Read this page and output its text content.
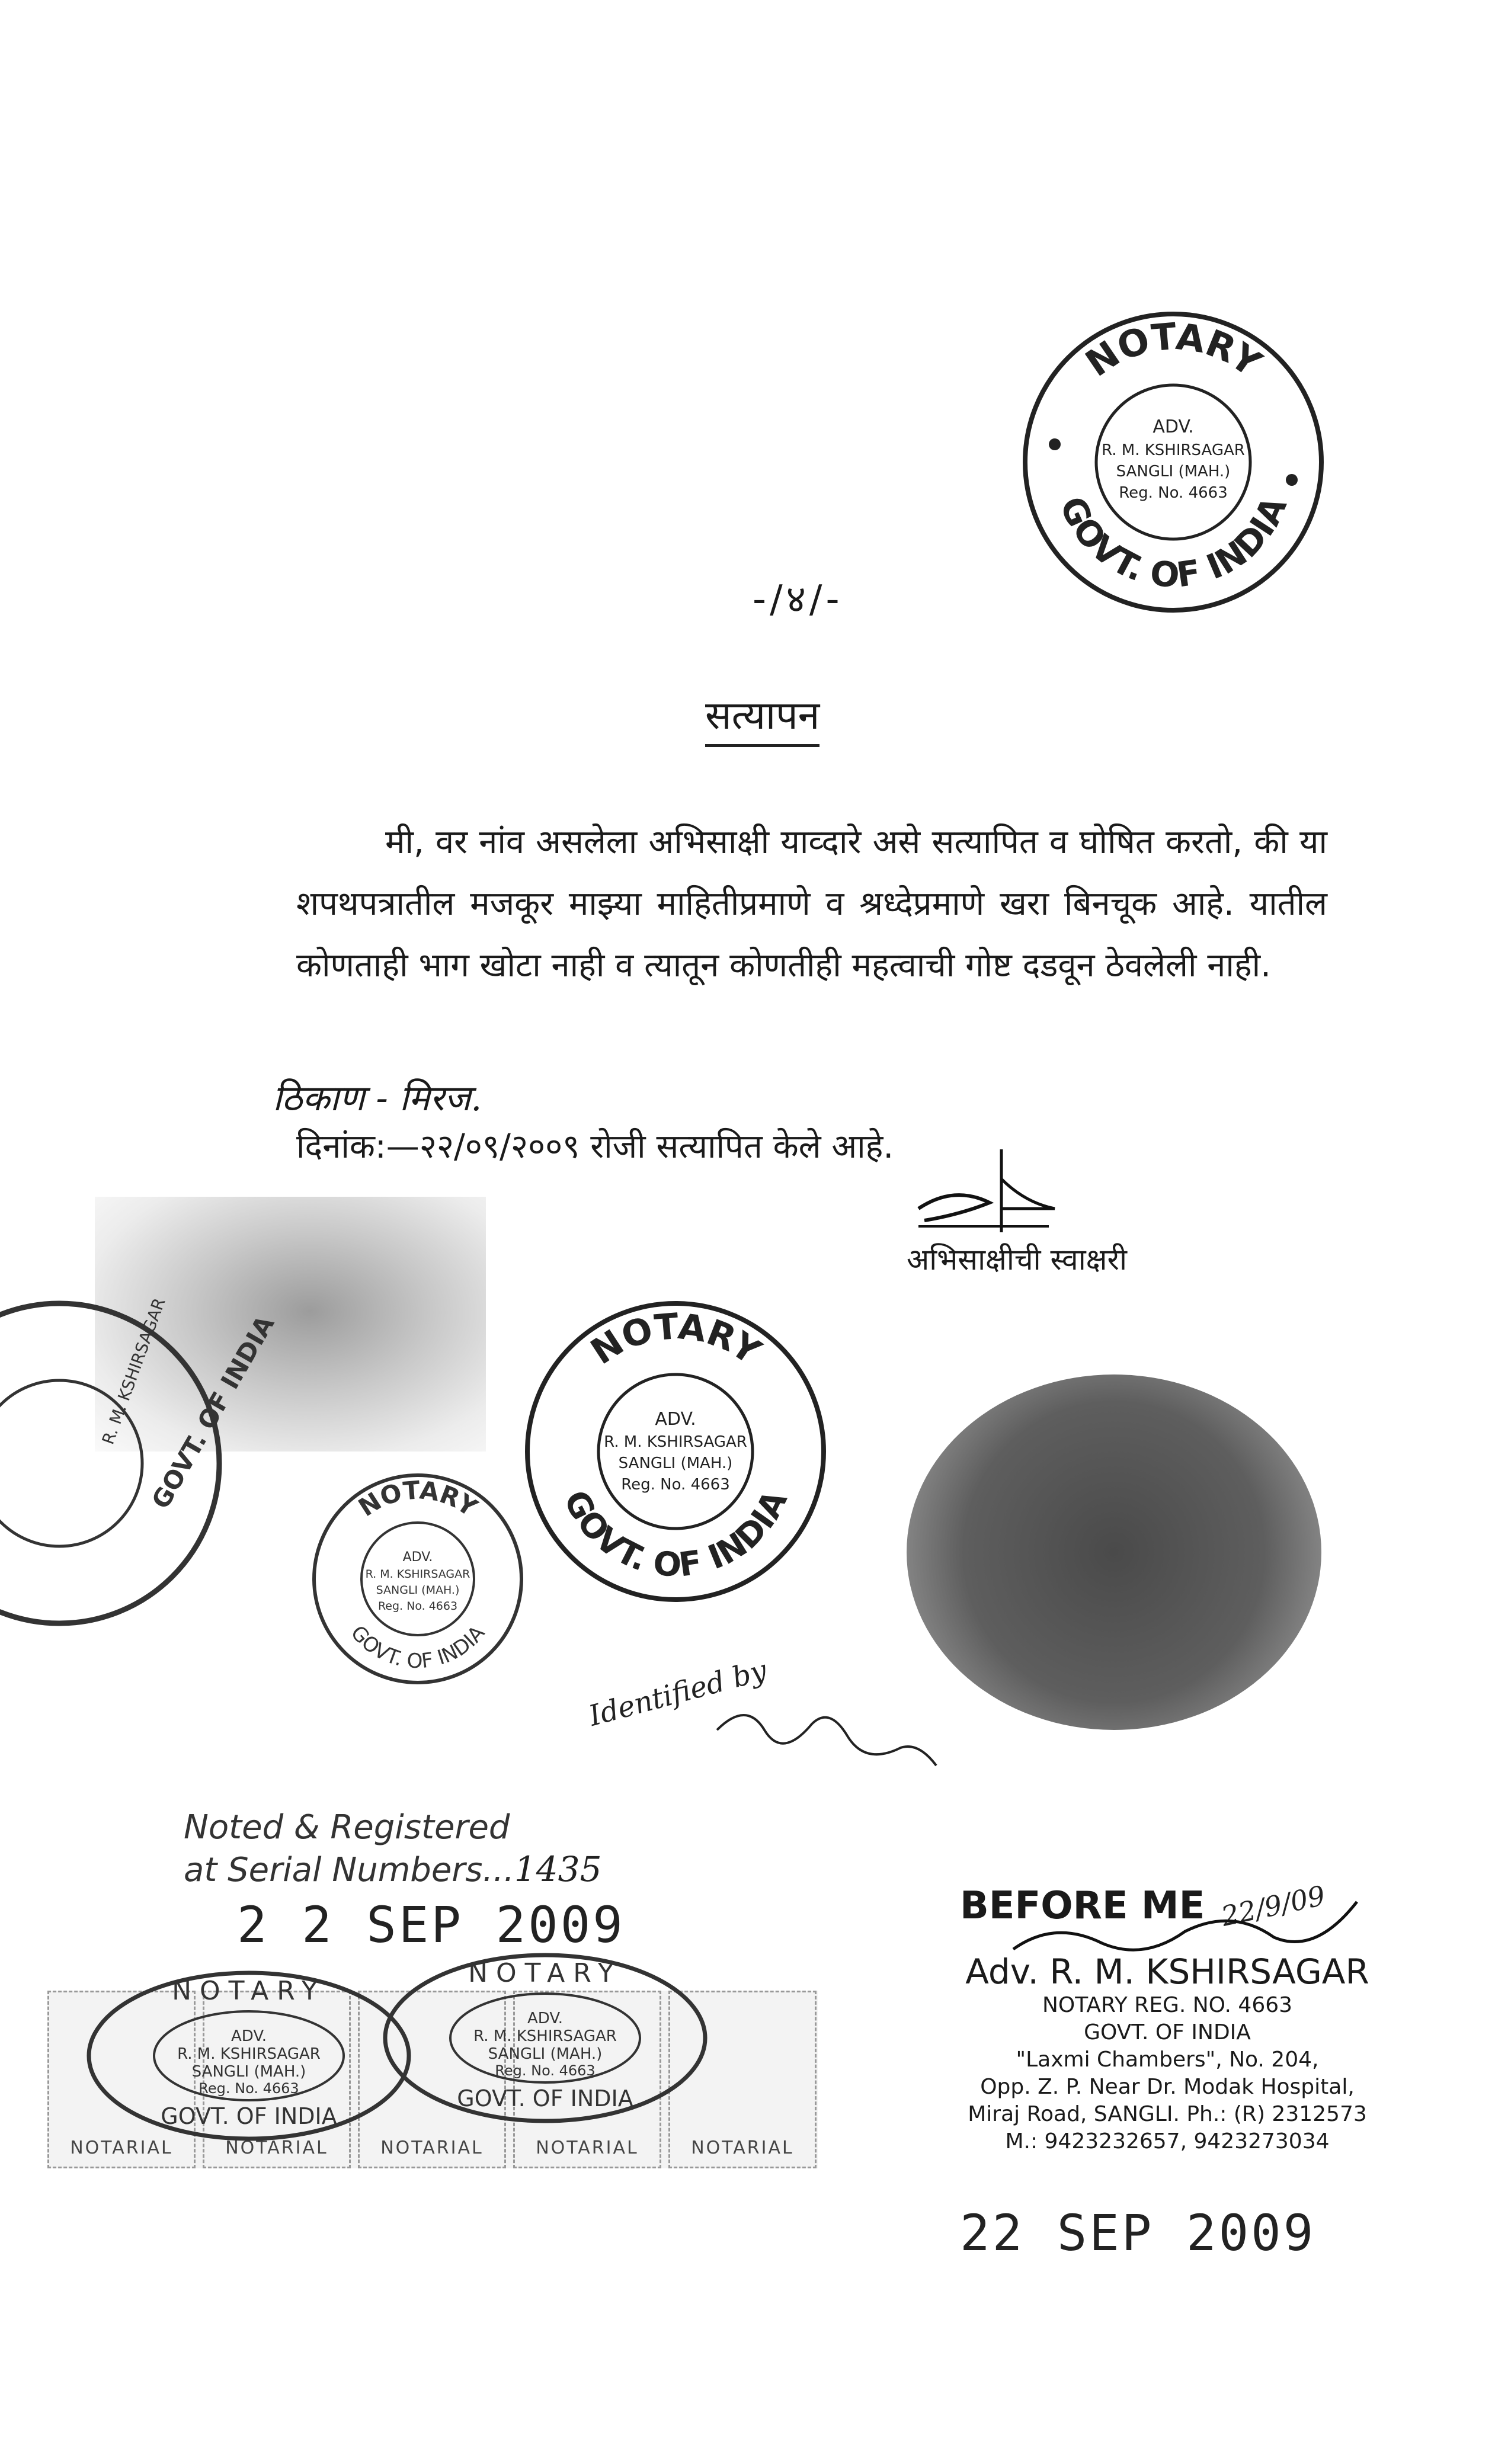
-/४/-
सत्यापन
NOTARY
GOVT. OF INDIA
ADV.
R. M. KSHIRSAGAR
SANGLI (MAH.)
Reg. No. 4663
मी, वर नांव असलेला अभिसाक्षी याव्दारे असे सत्यापित व घोषित करतो, की या शपथपत्रातील मजकूर माझ्या माहितीप्रमाणे व श्रध्देप्रमाणे खरा बिनचूक आहे. यातील कोणताही भाग खोटा नाही व त्यातून कोणतीही महत्वाची गोष्ट दडवून ठेवलेली नाही.
ठिकाण - मिरज.
दिनांक:—२२/०९/२००९ रोजी सत्यापित केले आहे.
अभिसाक्षीची स्वाक्षरी
R. M. KSHIRSAGAR
GOVT. OF INDIA	NOTARY
GOVT. OF INDIA
ADV.
R. M. KSHIRSAGAR
SANGLI (MAH.)
Reg. No. 4663
NOTARY
GOVT. OF INDIA
ADV.
R. M. KSHIRSAGAR
SANGLI (MAH.)
Reg. No. 4663
Identified by
Noted & Registered
at Serial Numbers...1435
2 2 SEP 2009
NOTARIAL	NOTARIAL	NOTARIAL	NOTARIAL	NOTARIAL
NOTARY
ADV.
R. M. KSHIRSAGAR
SANGLI (MAH.)
Reg. No. 4663
GOVT. OF INDIA
NOTARY
ADV.
R. M. KSHIRSAGAR
SANGLI (MAH.)
Reg. No. 4663
GOVT. OF INDIA
BEFORE ME 22/9/09
Adv. R. M. KSHIRSAGAR
NOTARY REG. NO. 4663
GOVT. OF INDIA
"Laxmi Chambers", No. 204,
Opp. Z. P. Near Dr. Modak Hospital,
Miraj Road, SANGLI. Ph.: (R) 2312573
M.: 9423232657, 9423273034
22 SEP 2009
